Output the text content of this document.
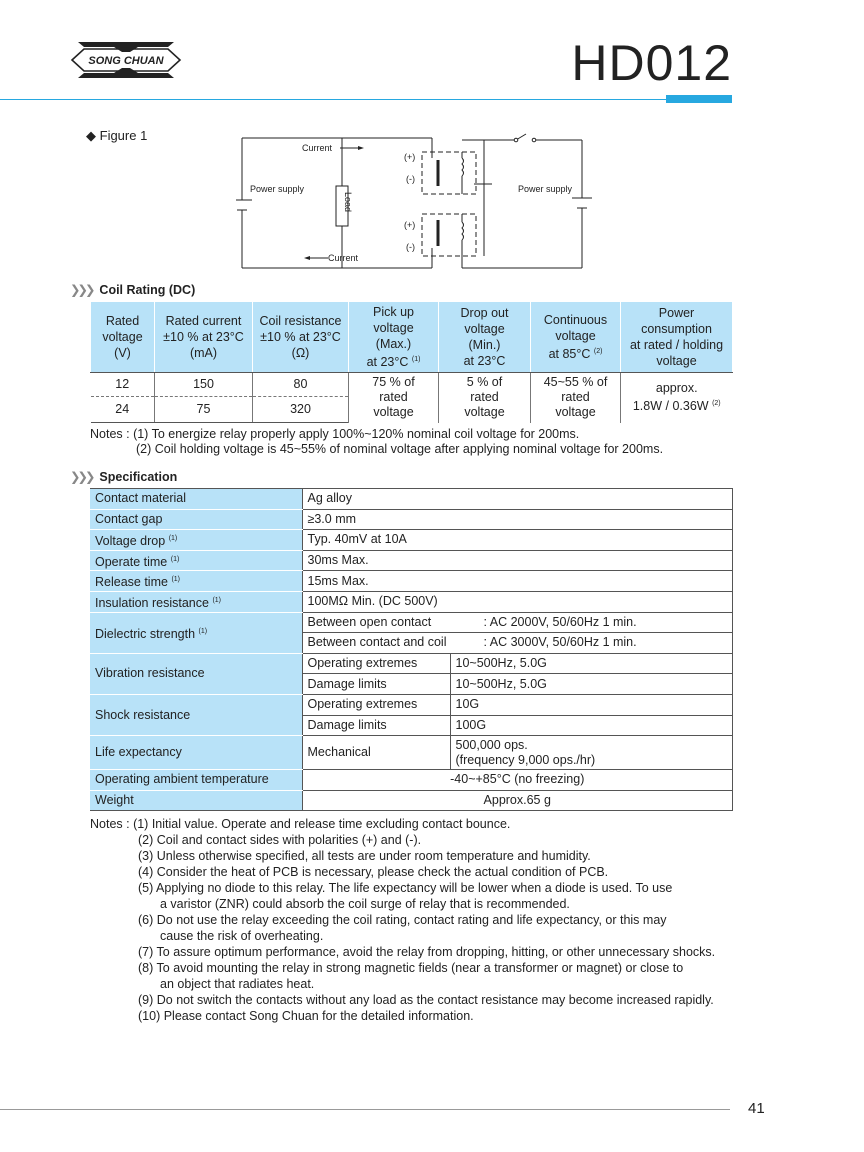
SONG CHUAN	HD012
◆ Figure 1
Current
Current
Power supply	Power supply
(+)
(-)
(+)
(-)
Load
❯❯❯ Coil Rating (DC)
Rated
voltage
(V)	Rated current
±10 % at 23°C
(mA)	Coil resistance
±10 % at 23°C
(Ω)	Pick up
voltage
(Max.)
at 23°C $^{(1)}$	Drop out
voltage
(Min.)
at 23°C	Continuous
voltage
at 85°C $^{(2)}$	Power
consumption
at rated / holding
voltage
12	150	80	75 % of
rated
voltage	5 % of
rated
voltage	45~55 % of
rated
voltage	approx.
1.8W / 0.36W $^{(2)}$
24	75	320				
Notes : (1) To energize relay properly apply 100%~120% nominal coil voltage for 200ms.
(2) Coil holding voltage is 45~55% of nominal voltage after applying nominal voltage for 200ms.
❯❯❯ Specification
Contact material	Ag alloy	
Contact gap	≥3.0 mm	
Voltage drop $^{(1)}$	Typ. 40mV at 10A	
Operate time $^{(1)}$	30ms Max.	
Release time $^{(1)}$	15ms Max.	
Insulation resistance $^{(1)}$	100MΩ Min. (DC 500V)	
Dielectric strength $^{(1)}$	Between open contact : AC 2000V, 50/60Hz 1 min.	
	Between contact and coil : AC 3000V, 50/60Hz 1 min.	
Vibration resistance	Operating extremes	10~500Hz, 5.0G
	Damage limits	10~500Hz, 5.0G
Shock resistance	Operating extremes	10G
	Damage limits	100G
Life expectancy	Mechanical	500,000 ops.
(frequency 9,000 ops./hr)
Operating ambient temperature	-40~+85°C (no freezing)	
Weight	Approx.65 g	
Notes : (1) Initial value. Operate and release time excluding contact bounce.
(2) Coil and contact sides with polarities (+) and (-).
(3) Unless otherwise specified, all tests are under room temperature and humidity.
(4) Consider the heat of PCB is necessary, please check the actual condition of PCB.
(5) Applying no diode to this relay. The life expectancy will be lower when a diode is used. To use
a varistor (ZNR) could absorb the coil surge of relay that is recommended.
(6) Do not use the relay exceeding the coil rating, contact rating and life expectancy, or this may
cause the risk of overheating.
(7) To assure optimum performance, avoid the relay from dropping, hitting, or other unnecessary shocks.
(8) To avoid mounting the relay in strong magnetic fields (near a transformer or magnet) or close to
an object that radiates heat.
(9) Do not switch the contacts without any load as the contact resistance may become increased rapidly.
(10) Please contact Song Chuan for the detailed information.
41
